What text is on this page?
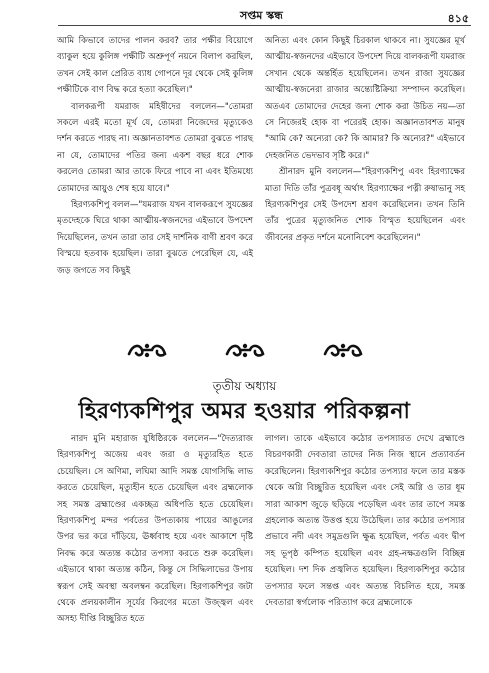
সপ্তম স্কন্ধ	৪১৫

আমি কিভাবে তাদের পালন করব? তার পক্ষীর বিয়োগে ব্যাকুল হয়ে কুলিঙ্গ পক্ষীটি অশ্রুপূর্ণ নয়নে বিলাপ করছিল, তখন সেই কাল প্রেরিত ব্যাধ গোপনে দূর থেকে সেই কুলিঙ্গ পক্ষীটিকে বাণ বিদ্ধ করে হত্যা করেছিল।"

বালকরূপী যমরাজ মহিষীদের বললেন—"তোমরা সকলে এরই মতো মূর্খ যে, তোমরা নিজেদের মৃত্যুকেও দর্শন করতে পারছ না। অজ্ঞানতাবশত তোমরা বুঝতে পারছ না যে, তোমাদের পতির জন্য একশ বছর ধরে শোক করলেও তোমরা আর তাকে ফিরে পাবে না এবং ইতিমধ্যে তোমাদের আয়ুও শেষ হয়ে যাবে।"

হিরণ্যকশিপু বলল—"যমরাজ যখন বালকরূপে সুযজ্ঞের মৃতদেহকে ঘিরে থাকা আত্মীয়-স্বজনদের এইভাবে উপদেশ দিয়েছিলেন, তখন তারা তার সেই দার্শনিক বাণী শ্রবণ করে বিস্ময়ে হতবাক হয়েছিল। তারা বুঝতে পেরেছিল যে, এই জড় জগতে সব কিছুই

অনিত্য এবং কোন কিছুই চিরকাল থাকবে না। সুযজ্ঞের মূর্খ আত্মীয়-স্বজনদের এইভাবে উপদেশ দিয়ে বালকরূপী যমরাজ সেখান থেকে অন্তর্হিত হয়েছিলেন। তখন রাজা সুযজ্ঞের আত্মীয়-স্বজনেরা রাজার অন্ত্যেষ্টিক্রিয়া সম্পাদন করেছিল। অতএব তোমাদের দেহের জন্য শোক করা উচিত নয়—তা সে নিজেরই হোক বা পরেরই হোক। অজ্ঞানতাবশত মানুষ "আমি কে? অন্যেরা কে? কি আমার? কি অন্যের?" এইভাবে দেহজনিত ভেদভাব সৃষ্টি করে।"

শ্রীনারদ মুনি বললেন—"হিরণ্যকশিপু এবং হিরণ্যাক্ষের মাতা দিতি তাঁর পুত্রবধূ অর্থাৎ হিরণ্যাক্ষের পত্নী রুষাভানু সহ হিরণ্যকশিপুর সেই উপদেশ শ্রবণ করেছিলেন। তখন তিনি তাঁর পুত্রের মৃত্যুজনিত শোক বিস্মৃত হয়েছিলেন এবং জীবনের প্রকৃত দর্শনে মনোনিবেশ করেছিলেন।"

তৃতীয় অধ্যায়
হিরণ্যকশিপুর অমর হওয়ার পরিকল্পনা

নারদ মুনি মহারাজ যুধিষ্ঠিরকে বললেন—"দৈত্যরাজ হিরণ্যকশিপু অজেয় এবং জরা ও মৃত্যুরহিত হতে চেয়েছিল। সে অণিমা, লঘিমা আদি সমস্ত যোগসিদ্ধি লাভ করতে চেয়েছিল, মৃত্যুহীন হতে চেয়েছিল এবং ব্রহ্মলোক সহ সমস্ত ব্রহ্মাণ্ডের একচ্ছত্র অধিপতি হতে চেয়েছিল। হিরণ্যকশিপু মন্দর পর্বতের উপত্যকায় পায়ের আঙুলের উপর ভর করে দাঁড়িয়ে, ঊর্ধ্ববাহু হয়ে এবং আকাশে দৃষ্টি নিবদ্ধ করে অত্যন্ত কঠোর তপস্যা করতে শুরু করেছিল। এইভাবে থাকা অত্যন্ত কঠিন, কিন্তু সে সিদ্ধিলাভের উপায় স্বরূপ সেই অবস্থা অবলম্বন করেছিল। হিরণ্যকশিপুর জটা থেকে প্রলয়কালীন সূর্যের কিরণের মতো উজ্জ্বল এবং অসহ্য দীপ্তি বিচ্ছুরিত হতে

লাগল। তাকে এইভাবে কঠোর তপস্যারত দেখে ব্রহ্মাণ্ডে বিচরণকারী দেবতারা তাদের নিজ নিজ স্থানে প্রত্যাবর্তন করেছিলেন। হিরণ্যকশিপুর কঠোর তপস্যার ফলে তার মস্তক থেকে অগ্নি বিচ্ছুরিত হয়েছিল এবং সেই অগ্নি ও তার ধূম সারা আকাশ জুড়ে ছড়িয়ে পড়েছিল এবং তার তাপে সমস্ত গ্রহলোক অত্যন্ত উত্তপ্ত হয়ে উঠেছিল। তার কঠোর তপস্যার প্রভাবে নদী এবং সমুদ্রগুলি ক্ষুব্ধ হয়েছিল, পর্বত এবং দ্বীপ সহ ভূপৃষ্ঠ কম্পিত হয়েছিল এবং গ্রহ-নক্ষত্রগুলি বিচ্ছিন্ন হয়েছিল। দশ দিক প্রজ্বলিত হয়েছিল। হিরণ্যকশিপুর কঠোর তপস্যার ফলে সন্তপ্ত এবং অত্যন্ত বিচলিত হয়ে, সমস্ত দেবতারা স্বর্গলোক পরিত্যাগ করে ব্রহ্মলোকে
